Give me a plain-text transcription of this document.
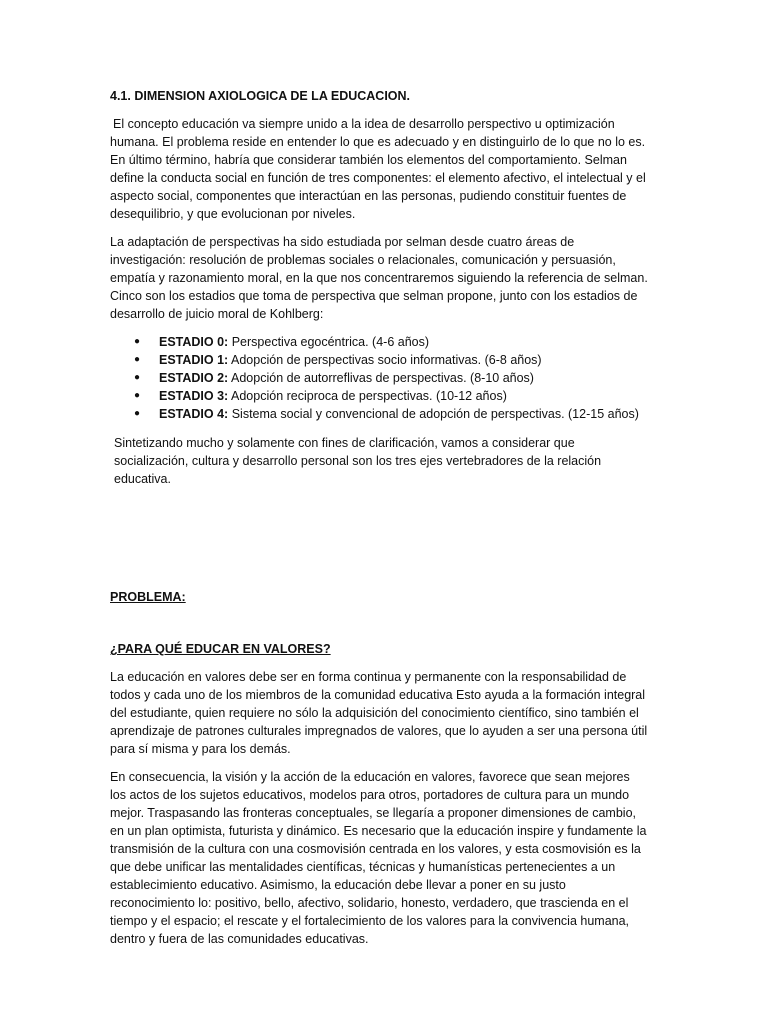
4.1. DIMENSION AXIOLOGICA DE LA EDUCACION.

El concepto educación va siempre unido a la idea de desarrollo perspectivo u optimización humana. El problema reside en entender lo que es adecuado y en distinguirlo de lo que no lo es. En último término, habría que considerar también los elementos del comportamiento. Selman define la conducta social en función de tres componentes: el elemento afectivo, el intelectual y el aspecto social, componentes que interactúan en las personas, pudiendo constituir fuentes de desequilibrio, y que evolucionan por niveles.

La adaptación de perspectivas ha sido estudiada por selman desde cuatro áreas de investigación: resolución de problemas sociales o relacionales, comunicación y persuasión, empatía y razonamiento moral, en la que nos concentraremos siguiendo la referencia de selman. Cinco son los estadios que toma de perspectiva que selman propone, junto con los estadios de desarrollo de juicio moral de Kohlberg:

● ESTADIO 0: Perspectiva egocéntrica. (4-6 años)
● ESTADIO 1: Adopción de perspectivas socio informativas. (6-8 años)
● ESTADIO 2: Adopción de autorreflivas de perspectivas. (8-10 años)
● ESTADIO 3: Adopción reciproca de perspectivas. (10-12 años)
● ESTADIO 4: Sistema social y convencional de adopción de perspectivas. (12-15 años)

Sintetizando mucho y solamente con fines de clarificación, vamos a considerar que socialización, cultura y desarrollo personal son los tres ejes vertebradores de la relación educativa.

PROBLEMA:
¿PARA QUÉ EDUCAR EN VALORES?

La educación en valores debe ser en forma continua y permanente con la responsabilidad de todos y cada uno de los miembros de la comunidad educativa Esto ayuda a la formación integral del estudiante, quien requiere no sólo la adquisición del conocimiento científico, sino también el aprendizaje de patrones culturales impregnados de valores, que lo ayuden a ser una persona útil para sí misma y para los demás.

En consecuencia, la visión y la acción de la educación en valores, favorece que sean mejores los actos de los sujetos educativos, modelos para otros, portadores de cultura para un mundo mejor. Traspasando las fronteras conceptuales, se llegaría a proponer dimensiones de cambio, en un plan optimista, futurista y dinámico. Es necesario que la educación inspire y fundamente la transmisión de la cultura con una cosmovisión centrada en los valores, y esta cosmovisión es la que debe unificar las mentalidades científicas, técnicas y humanísticas pertenecientes a un establecimiento educativo. Asimismo, la educación debe llevar a poner en su justo reconocimiento lo: positivo, bello, afectivo, solidario, honesto, verdadero, que trascienda en el tiempo y el espacio; el rescate y el fortalecimiento de los valores para la convivencia humana, dentro y fuera de las comunidades educativas.
